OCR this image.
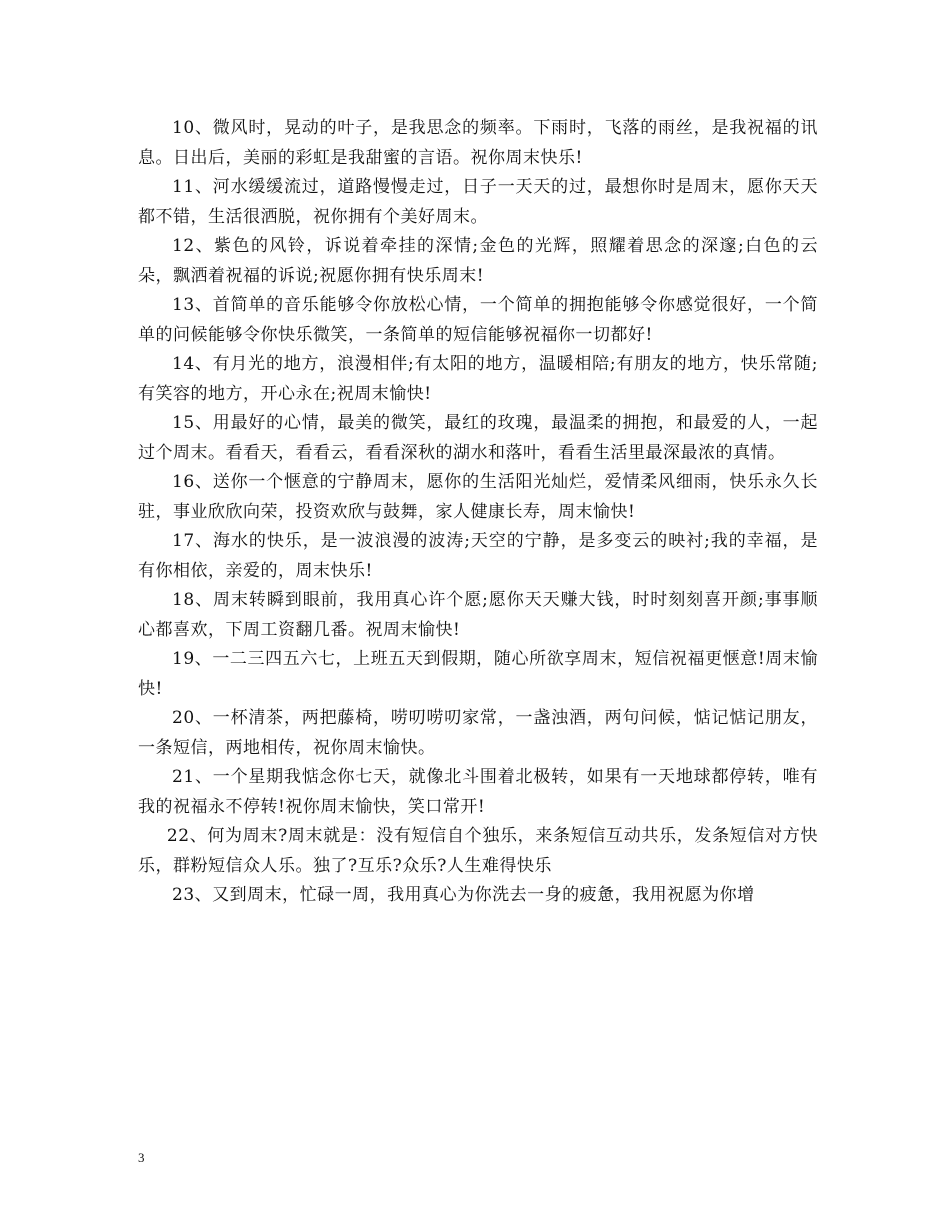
10、微风时，晃动的叶子，是我思念的频率。下雨时，飞落的雨丝，是我祝福的讯息。日出后，美丽的彩虹是我甜蜜的言语。祝你周末快乐!

11、河水缓缓流过，道路慢慢走过，日子一天天的过，最想你时是周末，愿你天天都不错，生活很洒脱，祝你拥有个美好周末。

12、紫色的风铃，诉说着牵挂的深情;金色的光辉，照耀着思念的深邃;白色的云朵，飘洒着祝福的诉说;祝愿你拥有快乐周末!

13、首简单的音乐能够令你放松心情，一个简单的拥抱能够令你感觉很好，一个简单的问候能够令你快乐微笑，一条简单的短信能够祝福你一切都好!

14、有月光的地方，浪漫相伴;有太阳的地方，温暖相陪;有朋友的地方，快乐常随;有笑容的地方，开心永在;祝周末愉快!

15、用最好的心情，最美的微笑，最红的玫瑰，最温柔的拥抱，和最爱的人，一起过个周末。看看天，看看云，看看深秋的湖水和落叶，看看生活里最深最浓的真情。

16、送你一个惬意的宁静周末，愿你的生活阳光灿烂，爱情柔风细雨，快乐永久长驻，事业欣欣向荣，投资欢欣与鼓舞，家人健康长寿，周末愉快!

17、海水的快乐，是一波浪漫的波涛;天空的宁静，是多变云的映衬;我的幸福，是有你相依，亲爱的，周末快乐!

18、周末转瞬到眼前，我用真心许个愿;愿你天天赚大钱，时时刻刻喜开颜;事事顺心都喜欢，下周工资翻几番。祝周末愉快!

19、一二三四五六七，上班五天到假期，随心所欲享周末，短信祝福更惬意!周末愉快!

20、一杯清茶，两把藤椅，唠叨唠叨家常，一盏浊酒，两句问候，惦记惦记朋友，一条短信，两地相传，祝你周末愉快。

21、一个星期我惦念你七天，就像北斗围着北极转，如果有一天地球都停转，唯有我的祝福永不停转!祝你周末愉快，笑口常开!

22、何为周末?周末就是：没有短信自个独乐，来条短信互动共乐，发条短信对方快乐，群粉短信众人乐。独了?互乐?众乐?人生难得快乐

23、又到周末，忙碌一周，我用真心为你洗去一身的疲惫，我用祝愿为你增

3
